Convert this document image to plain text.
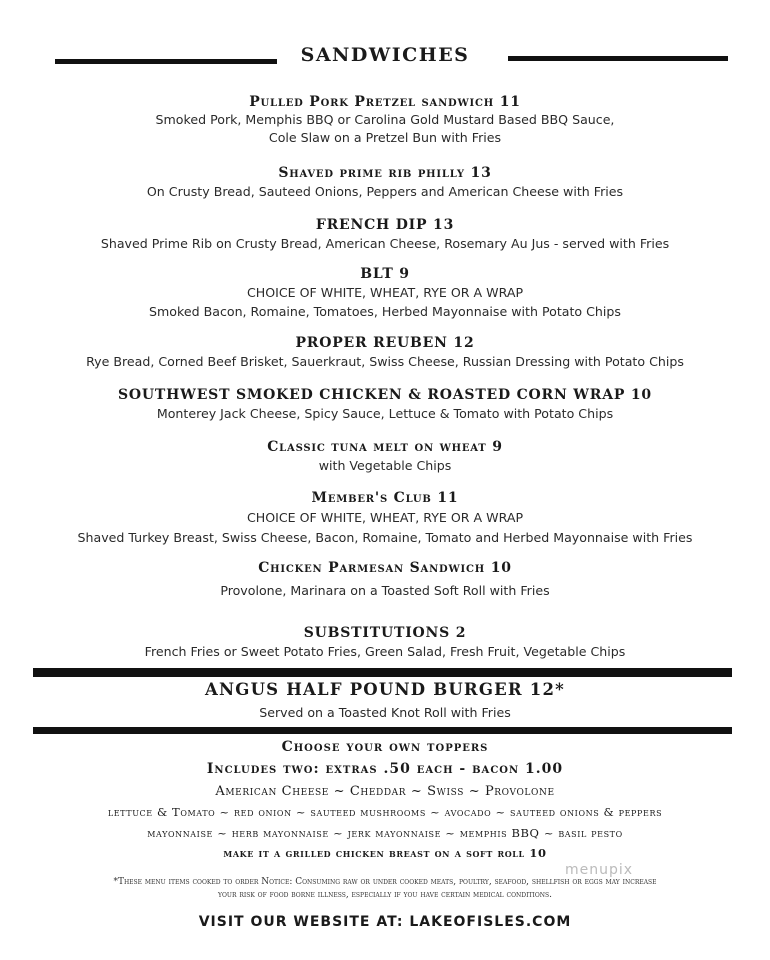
SANDWICHES
Pulled Pork Pretzel sandwich 11
Smoked Pork, Memphis BBQ or Carolina Gold Mustard Based BBQ Sauce,
Cole Slaw on a Pretzel Bun with Fries
Shaved prime rib philly 13
On Crusty Bread, Sauteed Onions, Peppers and American Cheese with Fries
FRENCH DIP 13
Shaved Prime Rib on Crusty Bread, American Cheese, Rosemary Au Jus - served with Fries
BLT 9
CHOICE OF WHITE, WHEAT, RYE OR A WRAP
Smoked Bacon, Romaine, Tomatoes, Herbed Mayonnaise with Potato Chips
PROPER REUBEN 12
Rye Bread, Corned Beef Brisket, Sauerkraut, Swiss Cheese, Russian Dressing with Potato Chips
SOUTHWEST SMOKED CHICKEN & ROASTED CORN WRAP 10
Monterey Jack Cheese, Spicy Sauce, Lettuce & Tomato with Potato Chips
Classic tuna melt on wheat 9
with Vegetable Chips
Member's Club 11
CHOICE OF WHITE, WHEAT, RYE OR A WRAP
Shaved Turkey Breast, Swiss Cheese, Bacon, Romaine, Tomato and Herbed Mayonnaise with Fries
Chicken Parmesan Sandwich 10
Provolone, Marinara on a Toasted Soft Roll with Fries
SUBSTITUTIONS 2
French Fries or Sweet Potato Fries, Green Salad, Fresh Fruit, Vegetable Chips
ANGUS HALF POUND BURGER 12*
Served on a Toasted Knot Roll with Fries
Choose your own toppers
Includes two: extras .50 each - bacon 1.00
American Cheese ~ Cheddar ~ Swiss ~ Provolone
lettuce & Tomato ~ red onion ~ sauteed mushrooms ~ avocado ~ sauteed onions & peppers
mayonnaise ~ herb mayonnaise ~ jerk mayonnaise ~ memphis BBQ ~ basil pesto
make it a grilled chicken breast on a soft roll 10
*These menu items cooked to order Notice: Consuming raw or under cooked meats, poultry, seafood, shellfish or eggs may increase
your risk of food borne illness, especially if you have certain medical conditions.
VISIT OUR WEBSITE AT: LAKEOFISLES.COM
menupix
